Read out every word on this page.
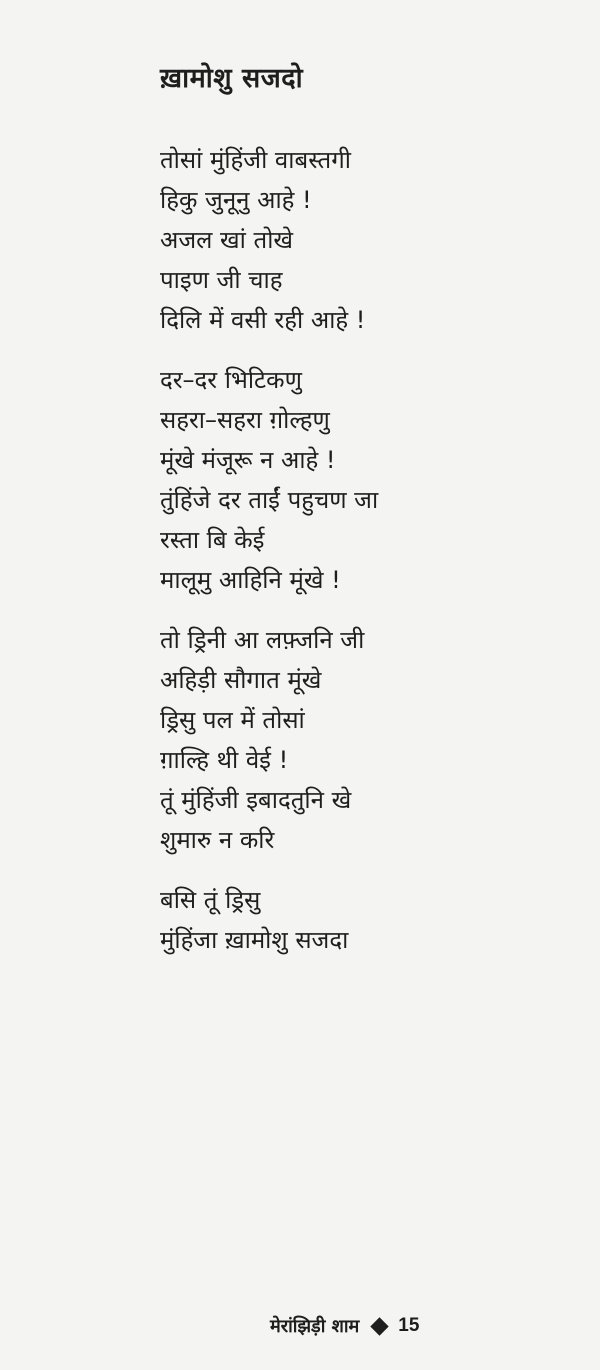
ख़ामोशु सजदो
तोसां मुंहिंजी वाबस्तगी
हिकु जुनूनु आहे !
अजल खां तोखे
पाइण जी चाह
दिलि में वसी रही आहे !
दर–दर भिटिकणु
सहरा–सहरा ग़ोल्हणु
मूंखे मंजूरू न आहे !
तुंहिंजे दर ताईं पहुचण जा
रस्ता बि केई
मालूमु आहिनि मूंखे !
तो ड्रिनी आ लफ़्जनि जी
अहिड़ी सौगात मूंखे
ड्रिसु पल में तोसां
ग़ाल्हि थी वेई !
तूं मुंहिंजी इबादतुनि खे
शुमारु न करि
बसि तूं ड्रिसु
मुंहिंजा ख़ामोशु सजदा
मेरांझिड़ी शाम 15
